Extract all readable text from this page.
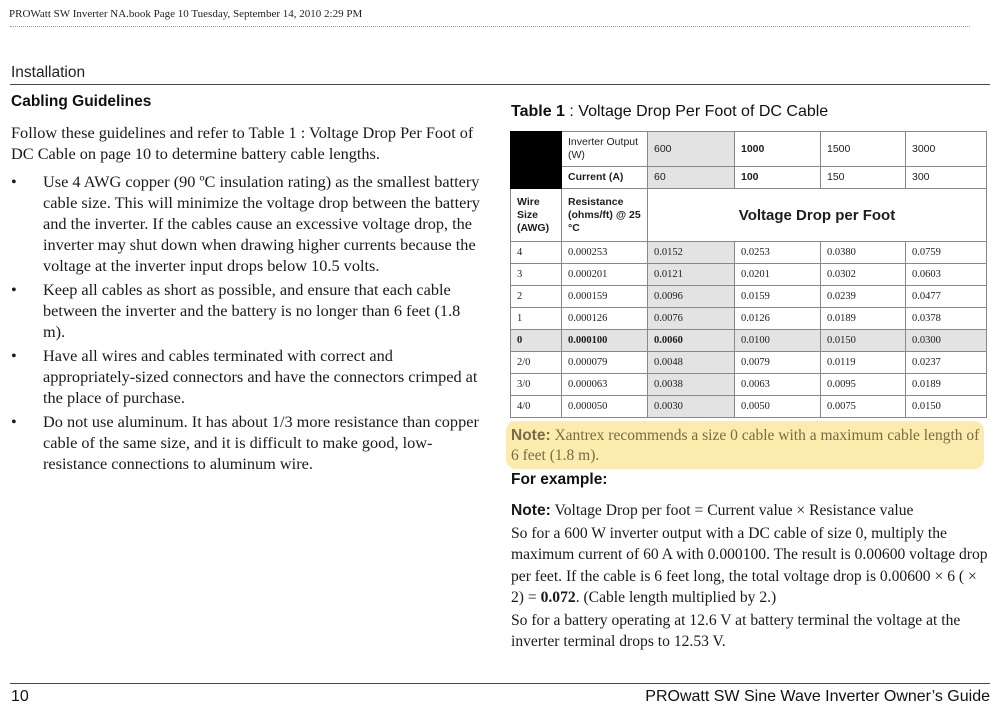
PROWatt SW Inverter NA.book Page 10 Tuesday, September 14, 2010 2:29 PM
Installation
Cabling Guidelines

Follow these guidelines and refer to Table 1 : Voltage Drop Per Foot of DC Cable on page 10 to determine battery cable lengths.

• Use 4 AWG copper (90 ºC insulation rating) as the smallest battery cable size. This will minimize the voltage drop between the battery and the inverter. If the cables cause an excessive voltage drop, the inverter may shut down when drawing higher currents because the voltage at the inverter input drops below 10.5 volts.
• Keep all cables as short as possible, and ensure that each cable between the inverter and the battery is no longer than 6 feet (1.8 m).
• Have all wires and cables terminated with correct and appropriately-sized connectors and have the connectors crimped at the place of purchase.
• Do not use aluminum. It has about 1/3 more resistance than copper cable of the same size, and it is difficult to make good, low-resistance connections to aluminum wire.
Table 1 : Voltage Drop Per Foot of DC Cable
	Inverter Output (W)	600	1000	1500	3000
	Current (A)	60	100	150	300
Wire Size (AWG)	Resistance (ohms/ft) @ 25 °C	Voltage Drop per Foot			
4	0.000253	0.0152	0.0253	0.0380	0.0759
3	0.000201	0.0121	0.0201	0.0302	0.0603
2	0.000159	0.0096	0.0159	0.0239	0.0477
1	0.000126	0.0076	0.0126	0.0189	0.0378
0	0.000100	0.0060	0.0100	0.0150	0.0300
2/0	0.000079	0.0048	0.0079	0.0119	0.0237
3/0	0.000063	0.0038	0.0063	0.0095	0.0189
4/0	0.000050	0.0030	0.0050	0.0075	0.0150
Note: Xantrex recommends a size 0 cable with a maximum cable length of 6 feet (1.8 m).
For example:

Note: Voltage Drop per foot = Current value × Resistance value

So for a 600 W inverter output with a DC cable of size 0, multiply the maximum current of 60 A with 0.000100. The result is 0.00600 voltage drop per feet. If the cable is 6 feet long, the total voltage drop is 0.00600 × 6 ( × 2) = 0.072. (Cable length multiplied by 2.)

So for a battery operating at 12.6 V at battery terminal the voltage at the inverter terminal drops to 12.53 V.

10	PROwatt SW Sine Wave Inverter Owner’s Guide
